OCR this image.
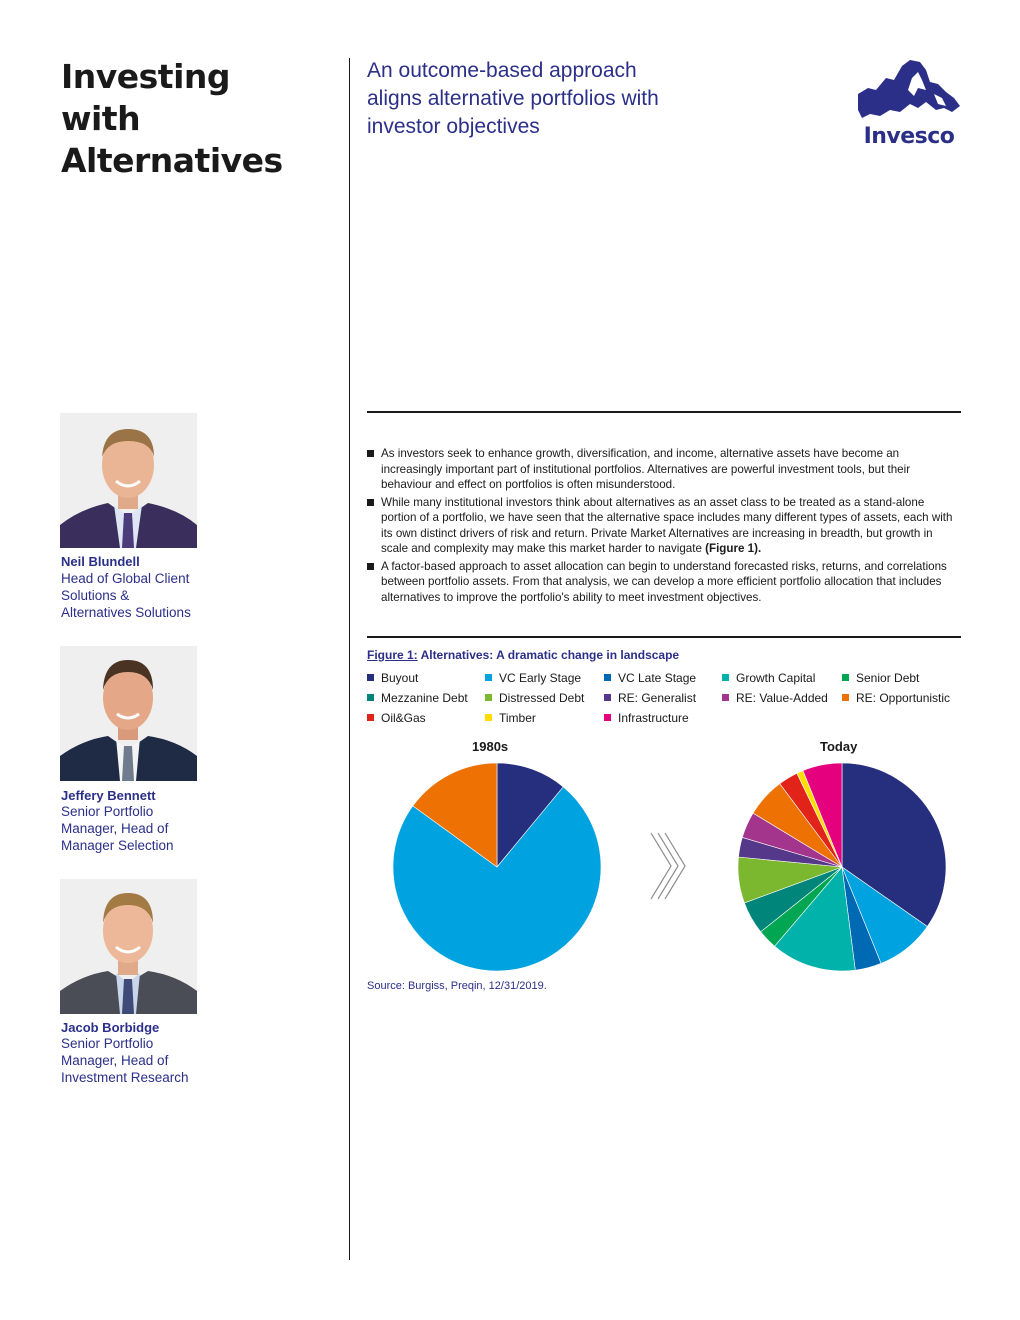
Investing
with
Alternatives
An outcome-based approach
aligns alternative portfolios with
investor objectives	Invesco
Neil Blundell
Head of Global Client
Solutions &
Alternatives Solutions
Jeffery Bennett
Senior Portfolio
Manager, Head of
Manager Selection
Jacob Borbidge
Senior Portfolio
Manager, Head of
Investment Research
As investors seek to enhance growth, diversification, and income, alternative assets have become an increasingly important part of institutional portfolios. Alternatives are powerful investment tools, but their behaviour and effect on portfolios is often misunderstood.
While many institutional investors think about alternatives as an asset class to be treated as a stand-alone portion of a portfolio, we have seen that the alternative space includes many different types of assets, each with its own distinct drivers of risk and return. Private Market Alternatives are increasing in breadth, but growth in scale and complexity may make this market harder to navigate (Figure 1).
A factor-based approach to asset allocation can begin to understand forecasted risks, returns, and correlations between portfolio assets. From that analysis, we can develop a more efficient portfolio allocation that includes alternatives to improve the portfolio's ability to meet investment objectives.
Figure 1: Alternatives: A dramatic change in landscape
Buyout	VC Early Stage	VC Late Stage	Growth Capital	Senior Debt
Mezzanine Debt	Distressed Debt	RE: Generalist	RE: Value-Added	RE: Opportunistic
Oil&Gas	Timber	Infrastructure
1980s	Today
Source: Burgiss, Preqin, 12/31/2019.
